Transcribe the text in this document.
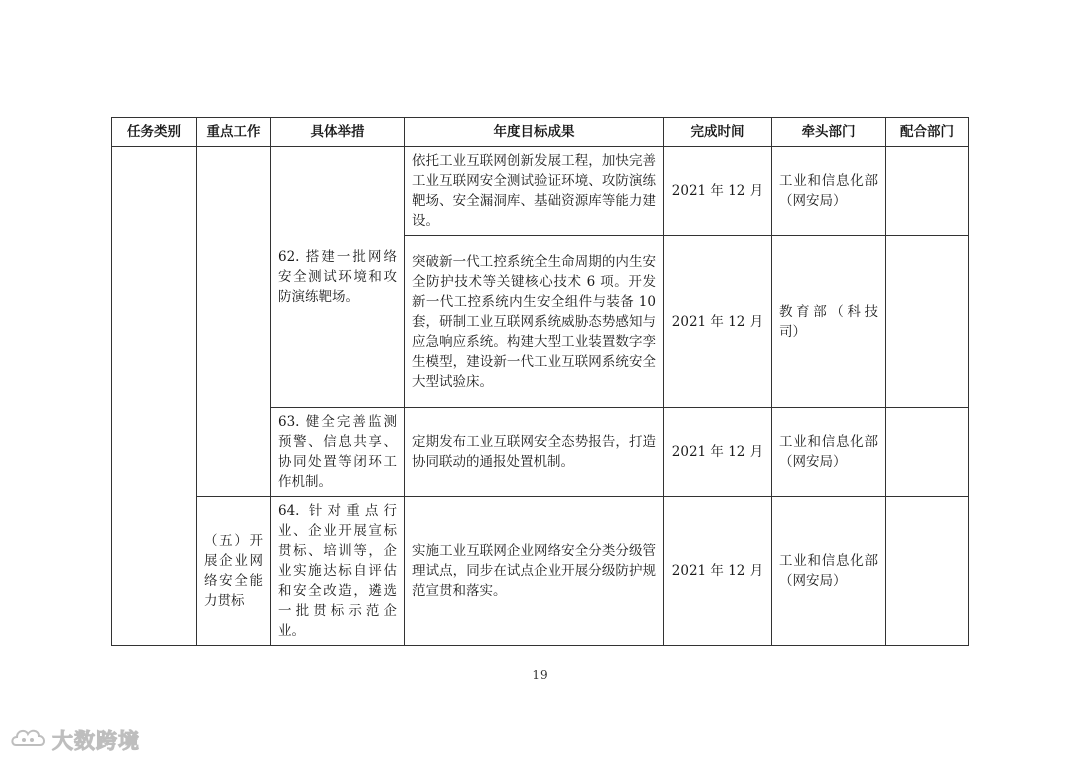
任务类别	重点工作	具体举措	年度目标成果	完成时间	牵头部门	配合部门
		62. 搭建一批网络安全测试环境和攻防演练靶场。	依托工业互联网创新发展工程，加快完善工业互联网安全测试验证环境、攻防演练靶场、安全漏洞库、基础资源库等能力建设。	2021 年 12 月	工业和信息化部（网安局）	
			突破新一代工控系统全生命周期的内生安全防护技术等关键核心技术 6 项。开发新一代工控系统内生安全组件与装备 10 套，研制工业互联网系统威胁态势感知与应急响应系统。构建大型工业装置数字孪生模型，建设新一代工业互联网系统安全大型试验床。	2021 年 12 月	教育部（科技司）	
		63. 健全完善监测预警、信息共享、协同处置等闭环工作机制。	定期发布工业互联网安全态势报告，打造协同联动的通报处置机制。	2021 年 12 月	工业和信息化部（网安局）	
	（五）开展企业网络安全能力贯标	64. 针对重点行业、企业开展宣标贯标、培训等，企业实施达标自评估和安全改造，遴选一批贯标示范企业。	实施工业互联网企业网络安全分类分级管理试点，同步在试点企业开展分级防护规范宣贯和落实。	2021 年 12 月	工业和信息化部（网安局）	
19
大数跨境
